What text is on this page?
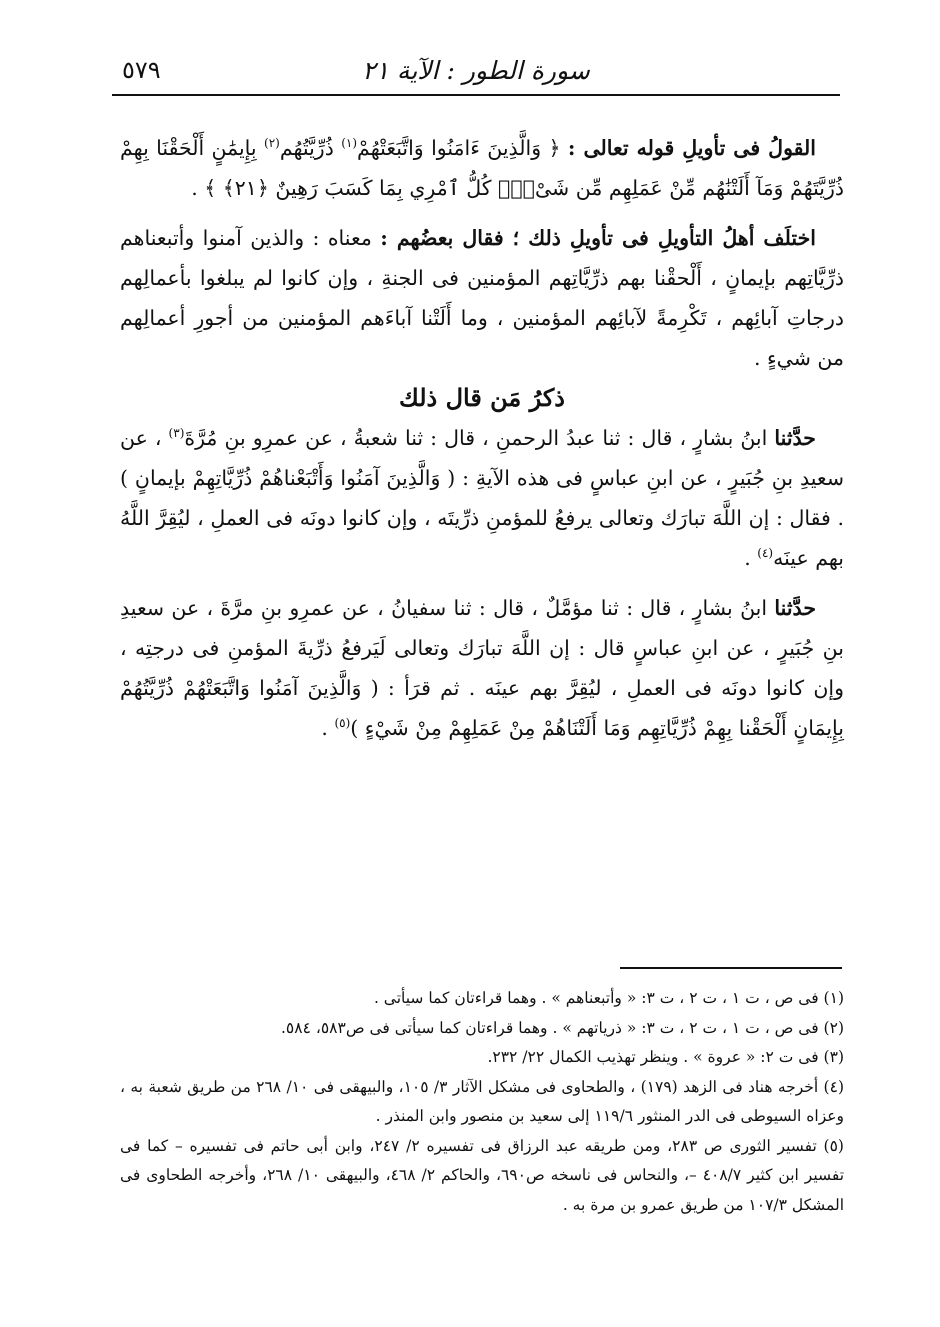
سورة الطور : الآية ٢١
٥٧٩

القولُ فى تأويلِ قوله تعالى : ﴿ وَالَّذِينَ ءَامَنُوا وَاتَّبَعَتْهُمْ$^{(١)}$ ذُرِّيَّتُهُم$^{(٢)}$ بِإِيمَٰنٍ أَلْحَقْنَا بِهِمْ ذُرِّيَّتَهُمْ وَمَآ أَلَتْنَٰهُم مِّنْ عَمَلِهِم مِّن شَىْءٍۚ كُلُّ ٱمْرِي بِمَا كَسَبَ رَهِينٌ ﴿٢١﴾ ﴾ .

اختلَف أهلُ التأويلِ فى تأويلِ ذلك ؛ فقال بعضُهم : معناه : والذين آمنوا وأتبعناهم ذرِّيَّاتِهم بإيمانٍ ، أَلْحقْنا بهم ذرِّيَّاتِهم المؤمنين فى الجنةِ ، وإن كانوا لم يبلغوا بأعمالِهم درجاتِ آبائِهم ، تَكْرِمةً لآبائِهم المؤمنين ، وما أَلَتْنا آباءَهم المؤمنين من أجورِ أعمالِهم من شيءٍ .

ذكرُ مَن قال ذلك

حدَّثنا ابنُ بشارٍ ، قال : ثنا عبدُ الرحمنِ ، قال : ثنا شعبةُ ، عن عمرِو بنِ مُرَّةَ$^{(٣)}$ ، عن سعيدِ بنِ جُبَيرٍ ، عن ابنِ عباسٍ فى هذه الآيةِ : ( وَالَّذِينَ آمَنُوا وَأَتْبَعْناهُمْ ذُرِّيَّاتِهِمْ بإيمانٍ ) . فقال : إن اللَّهَ تبارَك وتعالى يرفعُ للمؤمنِ ذرِّيتَه ، وإن كانوا دونَه فى العملِ ، ليُقِرَّ اللَّهُ بهم عينَه$^{(٤)}$ .

حدَّثنا ابنُ بشارٍ ، قال : ثنا مؤمَّلٌ ، قال : ثنا سفيانُ ، عن عمرِو بنِ مرَّةَ ، عن سعيدِ بنِ جُبَيرٍ ، عن ابنِ عباسٍ قال : إن اللَّهَ تبارَك وتعالى لَيَرفعُ ذرِّيةَ المؤمنِ فى درجتِه ، وإن كانوا دونَه فى العملِ ، ليُقِرَّ بهم عينَه . ثم قرَأ : ( وَالَّذِينَ آمَنُوا وَاتَّبَعَتْهُمْ ذُرِّيَّتُهُمْ بِإِيمَانٍ أَلْحَقْنا بِهِمْ ذُرِّيَّاتِهِم وَمَا أَلَتْنَاهُمْ مِنْ عَمَلِهِمْ مِنْ شَيْءٍ )$^{(٥)}$ .

(١) فى ص ، ت ١ ، ت ٢ ، ت ٣: « وأتبعناهم » . وهما قراءتان كما سيأتى .

(٢) فى ص ، ت ١ ، ت ٢ ، ت ٣: « ذرياتهم » . وهما قراءتان كما سيأتى فى ص٥٨٣، ٥٨٤.

(٣) فى ت ٢: « عروة » . وينظر تهذيب الكمال ٢٢/ ٢٣٢.

(٤) أخرجه هناد فى الزهد (١٧٩) ، والطحاوى فى مشكل الآثار ٣/ ١٠٥، والبيهقى فى ١٠/ ٢٦٨ من طريق شعبة به ، وعزاه السيوطى فى الدر المنثور ١١٩/٦ إلى سعيد بن منصور وابن المنذر .

(٥) تفسير الثورى ص ٢٨٣، ومن طريقه عبد الرزاق فى تفسيره ٢/ ٢٤٧، وابن أبى حاتم فى تفسيره – كما فى تفسير ابن كثير ٤٠٨/٧ –، والنحاس فى ناسخه ص٦٩٠، والحاكم ٢/ ٤٦٨، والبيهقى ١٠/ ٢٦٨، وأخرجه الطحاوى فى المشكل ١٠٧/٣ من طريق عمرو بن مرة به .
